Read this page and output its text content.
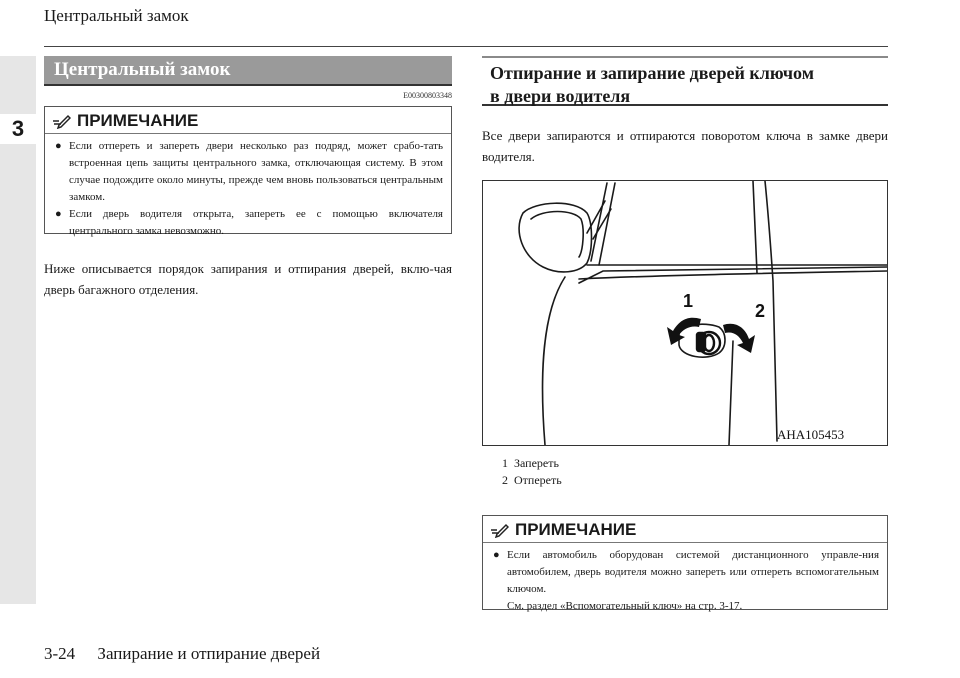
Центральный замок
3
Центральный замок
E00300803348
ПРИМЕЧАНИЕ
● Если отпереть и запереть двери несколько раз подряд, может срабо-тать встроенная цепь защиты центрального замка, отключающая систему. В этом случае подождите около минуты, прежде чем вновь пользоваться центральным замком.
● Если дверь водителя открыта, запереть ее с помощью включателя центрального замка невозможно.
Ниже описывается порядок запирания и отпирания дверей, вклю-чая дверь багажного отделения.
Отпирание и запирание дверей ключом
в двери водителя
Все двери запираются и отпираются поворотом ключа в замке двери водителя.
1	2
AHA105453
1 Запереть
2 Отпереть
ПРИМЕЧАНИЕ
● Если автомобиль оборудован системой дистанционного управле-ния автомобилем, дверь водителя можно запереть или отпереть вспомогательным ключом.
См. раздел «Вспомогательный ключ» на стр. 3-17.
3-24 Запирание и отпирание дверей
